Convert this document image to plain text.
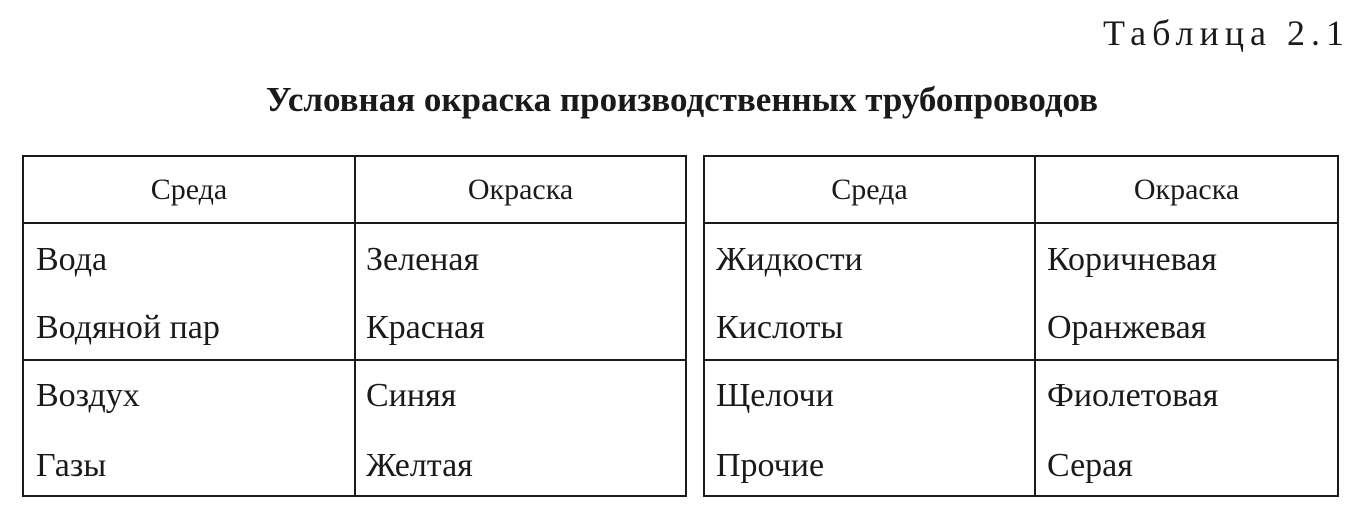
Таблица 2.1
Условная окраска производственных трубопроводов
Среда	Окраска
Вода	Зеленая
Водяной пар	Красная
Воздух	Синяя
Газы	Желтая
Среда	Окраска
Жидкости	Коричневая
Кислоты	Оранжевая
Щелочи	Фиолетовая
Прочие	Серая
